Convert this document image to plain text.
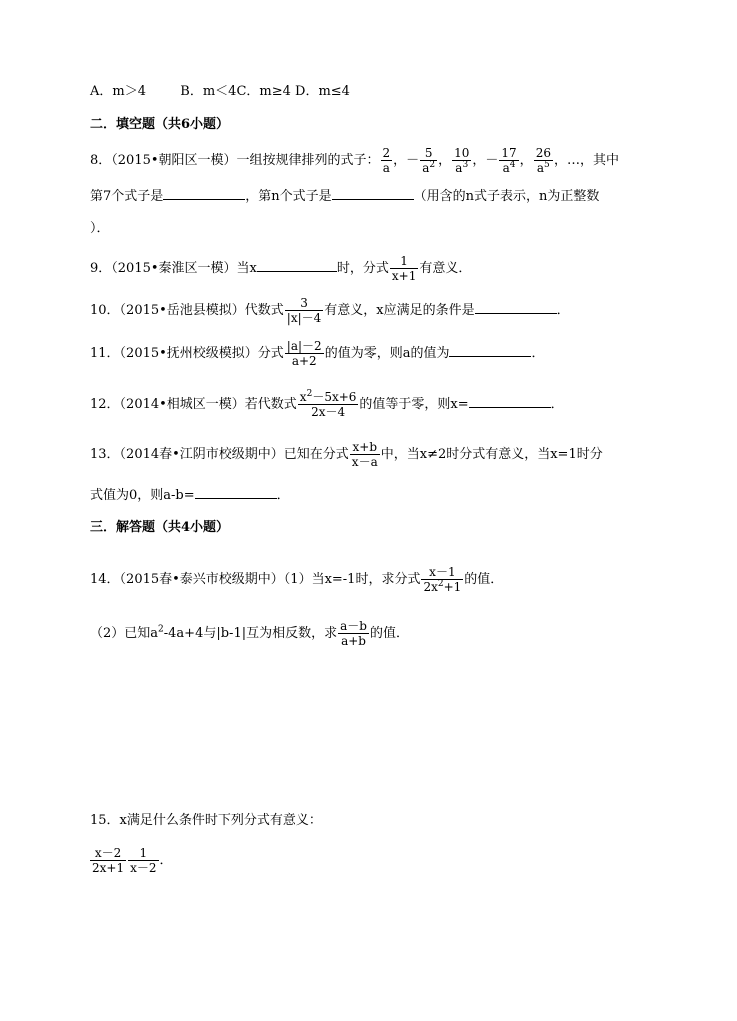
A．m＞4	B．m＜4C．m≥4 D．m≤4
二．填空题（共6小题）
8．（2015•朝阳区一模）一组按规律排列的式子： $\frac{2}{a}$ ，－ $\frac{5}{a^2}$ ， $\frac{10}{a^3}$ ，－ $\frac{17}{a^4}$ ， $\frac{26}{a^5}$ ，…，其中
第7个式子是	，第n个式子是	（用含的n式子表示，n为正整数
）．
9．（2015•秦淮区一模）当x	时，分式 $\frac{1}{x+1}$ 有意义．
10．（2015•岳池县模拟）代数式 $\frac{3}{|x|-4}$ 有意义，x应满足的条件是	．
11．（2015•抚州校级模拟）分式 $\frac{|a|-2}{a+2}$ 的值为零，则a的值为	．
12．（2014•相城区一模）若代数式 $\frac{x^2-5x+6}{2x-4}$ 的值等于零，则x=	．
13．（2014春•江阴市校级期中）已知在分式 $\frac{x+b}{x-a}$ 中，当x≠2时分式有意义，当x=1时分
式值为0，则a-b=	．
三．解答题（共4小题）
14．（2015春•泰兴市校级期中）（1）当x=-1时，求分式 $\frac{x-1}{2x^2+1}$ 的值．
（2）已知$a^2-4a+4$与|b-1|互为相反数，求 $\frac{a-b}{a+b}$ 的值．
15．x满足什么条件时下列分式有意义：
$\frac{x-2}{2x+1} \frac{1}{x-2}$ ．
